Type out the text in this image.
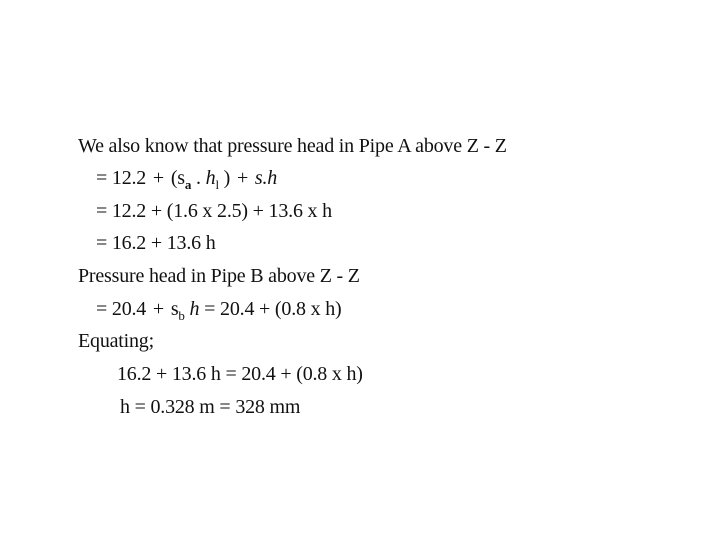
We also know that pressure head in Pipe A above Z - Z
= $12.2 + (s_a$ . $h_l$ ) + s.h
= 12.2 + (1.6 x 2.5) + 13.6 x h
= 16.2 + 13.6 h
Pressure head in Pipe B above Z - Z
= $20.4 + s_b$ h = 20.4 + (0.8 x h)
Equating;
16.2 + 13.6 h = 20.4 + (0.8 x h)
h = 0.328 m = 328 mm
